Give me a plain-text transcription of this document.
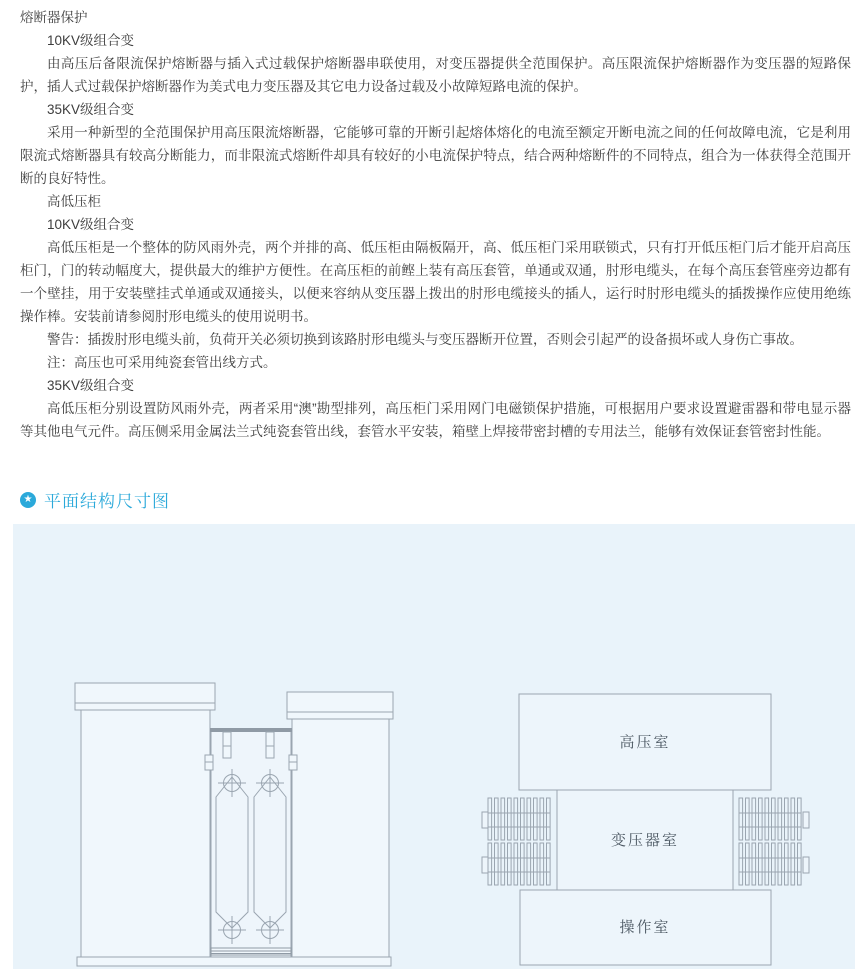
熔断器保护

10KV级组合变

由高压后备限流保护熔断器与插入式过载保护熔断器串联使用，对变压器提供全范围保护。高压限流保护熔断器作为变压器的短路保护，插人式过载保护熔断器作为美式电力变压器及其它电力设备过载及小故障短路电流的保护。

35KV级组合变

采用一种新型的全范围保护用高压限流熔断器，它能够可靠的开断引起熔体熔化的电流至额定开断电流之间的任何故障电流，它是利用限流式熔断器具有较高分断能力，而非限流式熔断件却具有较好的小电流保护特点，结合两种熔断件的不同特点，组合为一体获得全范围开断的良好特性。

高低压柜

10KV级组合变

高低压柜是一个整体的防风雨外壳，两个并排的高、低压柜由隔板隔开，高、低压柜门采用联锁式，只有打开低压柜门后才能开启高压柜门，门的转动幅度大，提供最大的维护方便性。在高压柜的前鲣上装有高压套管，单通或双通，肘形电缆头，在每个高压套管座旁边都有一个壁挂，用于安装壁挂式单通或双通接头，以便来容纳从变压器上拨出的肘形电缆接头的插人，运行时肘形电缆头的插拨操作应使用绝练操作棒。安装前请参阅肘形电缆头的使用说明书。

警告：插拨肘形电缆头前，负荷开关必须切换到该路肘形电缆头与变压器断开位置，否则会引起严的设备损坏或人身伤亡事故。

注：高压也可采用纯瓷套管出线方式。

35KV级组合变

高低压柜分别设置防风雨外壳，两者采用“澳”勘型排列，高压柜门采用网门电磁锁保护措施，可根据用户要求设置避雷器和带电显示器等其他电气元件。高压侧采用金属法兰式纯瓷套管出线，套管水平安装，箱壁上焊接带密封槽的专用法兰，能够有效保证套管密封性能。

★ 平面结构尺寸图
高压室
变压器室
操作室
